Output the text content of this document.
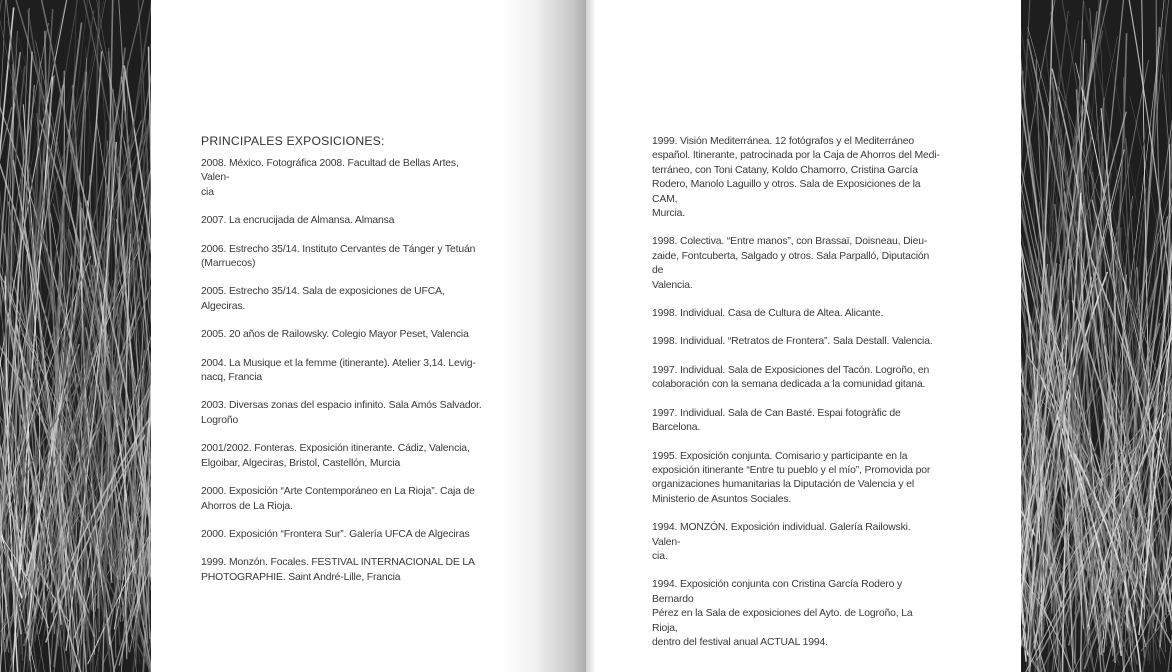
PRINCIPALES EXPOSICIONES:
2008. México. Fotográfica 2008. Facultad de Bellas Artes, Valen-
cia
2007. La encrucijada de Almansa. Almansa
2006. Estrecho 35/14. Instituto Cervantes de Tánger y Tetuán
(Marruecos)
2005. Estrecho 35/14. Sala de exposiciones de UFCA, Algeciras.
2005. 20 años de Railowsky. Colegio Mayor Peset, Valencia
2004. La Musique et la femme (itinerante). Atelier 3,14. Levig-
nacq, Francia
2003. Diversas zonas del espacio infinito. Sala Amós Salvador.
Logroño
2001/2002. Fonteras. Exposición itinerante. Cádiz, Valencia,
Elgoibar, Algeciras, Bristol, Castellón, Murcia
2000. Exposición “Arte Contemporáneo en La Rioja”. Caja de
Ahorros de La Rioja.
2000. Exposición “Frontera Sur”. Galería UFCA de Algeciras
1999. Monzón. Focales. FESTIVAL INTERNACIONAL DE LA
PHOTOGRAPHIE. Saint André-Lille, Francia
1999. Visión Mediterránea. 12 fotógrafos y el Mediterráneo
español. Itinerante, patrocinada por la Caja de Ahorros del Medi-
terráneo, con Toni Catany, Koldo Chamorro, Cristina García
Rodero, Manolo Laguillo y otros. Sala de Exposiciones de la CAM,
Murcia.
1998. Colectiva. “Entre manos”, con Brassaï, Doisneau, Dieu-
zaide, Fontcuberta, Salgado y otros. Sala Parpalló, Diputación de
Valencia.
1998. Individual. Casa de Cultura de Altea. Alicante.
1998. Individual. “Retratos de Frontera”. Sala Destall. Valencia.
1997. Individual. Sala de Exposiciones del Tacón. Logroño, en
colaboración con la semana dedicada a la comunidad gitana.
1997. Individual. Sala de Can Basté. Espai fotogràfic de Barcelona.
1995. Exposición conjunta. Comisario y participante en la
exposición itinerante “Entre tu pueblo y el mío”, Promovida por
organizaciones humanitarias la Diputación de Valencia y el
Ministerio de Asuntos Sociales.
1994. MONZÓN. Exposición individual. Galería Railowski. Valen-
cia.
1994. Exposición conjunta con Cristina García Rodero y Bernardo
Pérez en la Sala de exposiciones del Ayto. de Logroño, La Rioja,
dentro del festival anual ACTUAL 1994.
